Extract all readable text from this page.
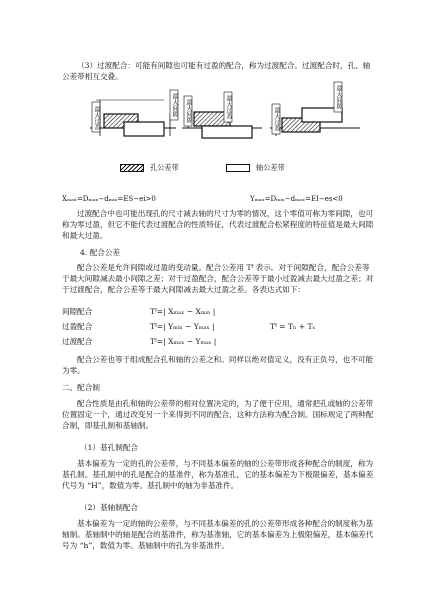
（3）过渡配合：可能有间隙也可能有过盈的配合，称为过渡配合。过渡配合时，孔、轴
公差带相互交叠。
最大过盈
最大间隙	最大过盈
最大间隙	最大过盈
最大间隙
孔公差带	轴公差带
Xₘₐₓ=Dₘₐₓ−dₘᵢₙ=ES−ei>0	Yₘₐₓ=Dₘᵢₙ−dₘₐₓ=EI−es<0
过渡配合中也可能出现孔的尺寸减去轴的尺寸为零的情况，这个零值可称为零间隙，也可
称为零过盈，但它不能代表过渡配合的性质特征，代表过渡配合松紧程度的特征值是最大间隙
和最大过盈。
4. 配合公差
配合公差是允许间隙或过盈的变动量。配合公差用 Tᶠ 表示。对于间隙配合，配合公差等
于最大间隙减去最小间隙之差；对于过盈配合，配合公差等于最小过盈减去最大过盈之差；对
于过渡配合，配合公差等于最大间隙减去最大过盈之差。各表达式如下：
间隙配合	Tᶠ=| Xₘₐₓ − Xₘᵢₙ |
过盈配合	Tᶠ=| Yₘᵢₙ − Yₘₐₓ |	Tᶠ = Tₕ + Tₛ
过渡配合	Tᶠ=| Xₘₐₓ − Yₘₐₓ |
配合公差也等于组成配合孔和轴的公差之和。同样以绝对值定义，没有正负号，也不可能
为零。
二、配合制
配合性质是由孔和轴的公差带的相对位置决定的，为了便于应用，通常把孔或轴的公差带
位置固定一个，通过改变另一个来得到不同的配合，这种方法称为配合制。国标规定了两种配
合制，即基孔制和基轴制。
（1）基孔制配合
基本偏差为一定的孔的公差带，与不同基本偏差的轴的公差带形成各种配合的制度，称为
基孔制。基孔制中的孔是配合的基准件，称为基准孔，它的基本偏差为下极限偏差，基本偏差
代号为 “H”，数值为零。基孔制中的轴为非基准件。
（2）基轴制配合
基本偏差为一定的轴的公差带，与不同基本偏差的孔的公差带形成各种配合的制度称为基
轴制。基轴制中的轴是配合的基准件，称为基准轴，它的基本偏差为上极限偏差，基本偏差代
号为 “h”，数值为零。基轴制中的孔为非基准件。
